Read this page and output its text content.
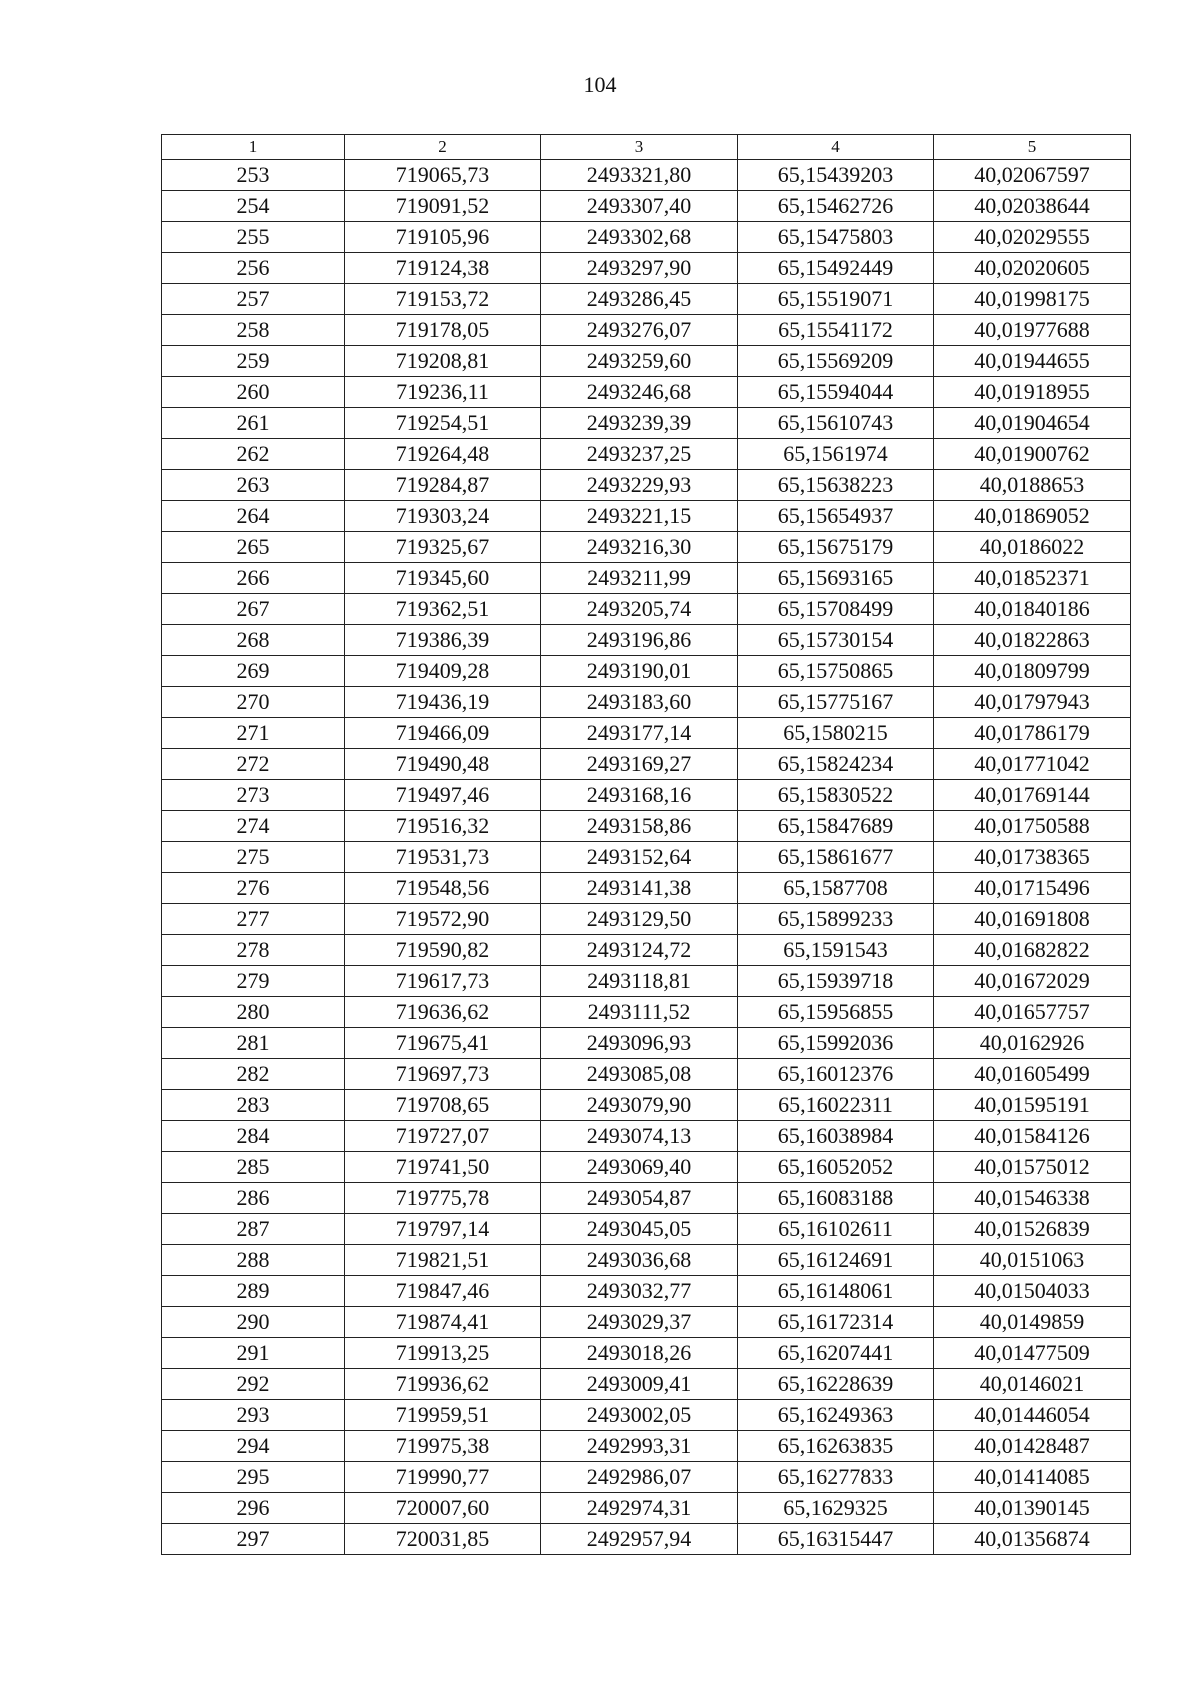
104
1	2	3	4	5
253	719065,73	2493321,80	65,15439203	40,02067597
254	719091,52	2493307,40	65,15462726	40,02038644
255	719105,96	2493302,68	65,15475803	40,02029555
256	719124,38	2493297,90	65,15492449	40,02020605
257	719153,72	2493286,45	65,15519071	40,01998175
258	719178,05	2493276,07	65,15541172	40,01977688
259	719208,81	2493259,60	65,15569209	40,01944655
260	719236,11	2493246,68	65,15594044	40,01918955
261	719254,51	2493239,39	65,15610743	40,01904654
262	719264,48	2493237,25	65,1561974	40,01900762
263	719284,87	2493229,93	65,15638223	40,0188653
264	719303,24	2493221,15	65,15654937	40,01869052
265	719325,67	2493216,30	65,15675179	40,0186022
266	719345,60	2493211,99	65,15693165	40,01852371
267	719362,51	2493205,74	65,15708499	40,01840186
268	719386,39	2493196,86	65,15730154	40,01822863
269	719409,28	2493190,01	65,15750865	40,01809799
270	719436,19	2493183,60	65,15775167	40,01797943
271	719466,09	2493177,14	65,1580215	40,01786179
272	719490,48	2493169,27	65,15824234	40,01771042
273	719497,46	2493168,16	65,15830522	40,01769144
274	719516,32	2493158,86	65,15847689	40,01750588
275	719531,73	2493152,64	65,15861677	40,01738365
276	719548,56	2493141,38	65,1587708	40,01715496
277	719572,90	2493129,50	65,15899233	40,01691808
278	719590,82	2493124,72	65,1591543	40,01682822
279	719617,73	2493118,81	65,15939718	40,01672029
280	719636,62	2493111,52	65,15956855	40,01657757
281	719675,41	2493096,93	65,15992036	40,0162926
282	719697,73	2493085,08	65,16012376	40,01605499
283	719708,65	2493079,90	65,16022311	40,01595191
284	719727,07	2493074,13	65,16038984	40,01584126
285	719741,50	2493069,40	65,16052052	40,01575012
286	719775,78	2493054,87	65,16083188	40,01546338
287	719797,14	2493045,05	65,16102611	40,01526839
288	719821,51	2493036,68	65,16124691	40,0151063
289	719847,46	2493032,77	65,16148061	40,01504033
290	719874,41	2493029,37	65,16172314	40,0149859
291	719913,25	2493018,26	65,16207441	40,01477509
292	719936,62	2493009,41	65,16228639	40,0146021
293	719959,51	2493002,05	65,16249363	40,01446054
294	719975,38	2492993,31	65,16263835	40,01428487
295	719990,77	2492986,07	65,16277833	40,01414085
296	720007,60	2492974,31	65,1629325	40,01390145
297	720031,85	2492957,94	65,16315447	40,01356874
